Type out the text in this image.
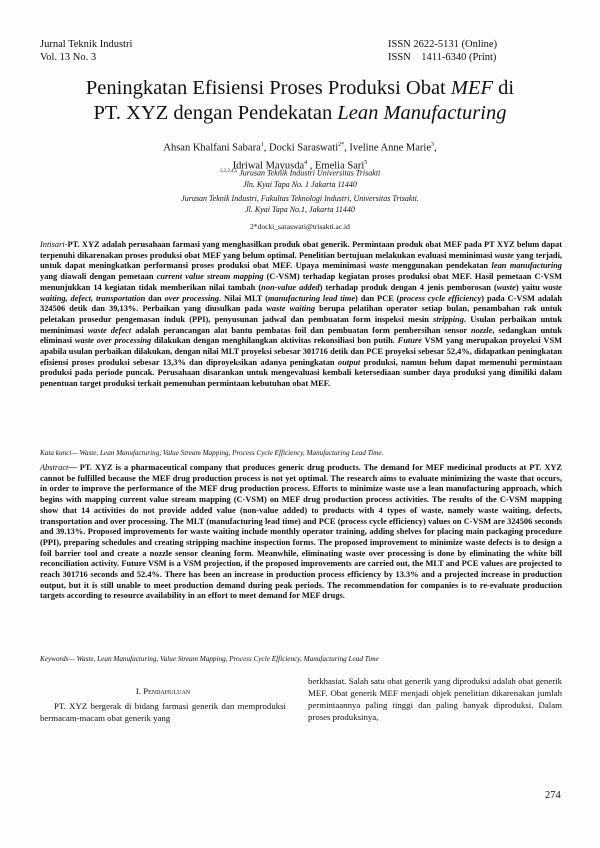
Jurnal Teknik Industri
Vol. 13 No. 3
ISSN 2622-5131 (Online)
ISSN    1411-6340 (Print)
Peningkatan Efisiensi Proses Produksi Obat MEF di
PT. XYZ dengan Pendekatan Lean Manufacturing
Ahsan Khalfani Sabara$^1$, Docki Saraswati$^{2*}$, Iveline Anne Marie$^3$,
Idriwal Mayusda$^4$ , Emelia Sari$^5$
$^{1,2,3,4,5}$ Jurusan Teknik Industri Universitas Trisakti
Jln. Kyai Tapa No. 1 Jakarta 11440
Jurusan Teknik Industri, Fakultas Teknologi Industri, Universitas Trisakti.
Jl. Kyai Tapa No.1, Jakarta 11440
2*docki_saraswati@trisakti.ac.id
Intisari-PT. XYZ adalah perusahaan farmasi yang menghasilkan produk obat generik. Permintaan produk obat MEF pada PT XYZ belum dapat terpenuhi dikarenakan proses produksi obat MEF yang belum optimal. Penelitian bertujuan melakukan evaluasi meminimasi waste yang terjadi, untuk dapat meningkatkan performansi proses produksi obat MEF. Upaya meminimasi waste menggunakan pendekatan lean manufacturing yang diawali dengan pemetaan current value stream mapping (C-VSM) terhadap kegiatan proses produksi obat MEF. Hasil pemetaan C-VSM menunjukkan 14 kegiatan tidak memberikan nilai tambah (non-value added) terhadap produk dengan 4 jenis pemborosan (waste) yaitu waste waiting, defect, transportation dan over processing. Nilai MLT (manufacturing lead time) dan PCE (process cycle efficiency) pada C-VSM adalah 324506 detik dan 39,13%. Perbaikan yang diusulkan pada waste waiting berupa pelatihan operator setiap bulan, penambahan rak untuk peletakan prosedur pengemasan induk (PPI), penyusunan jadwal dan pembuatan form inspeksi mesin stripping. Usulan perbaikan untuk meminimasi waste defect adalah perancangan alat bantu pembatas foil dan pembuatan form pembersihan sensor nozzle, sedangkan untuk eliminasi waste over processing dilakukan dengan menghilangkan aktivitas rekonsiliasi bon putih. Future VSM yang merupakan proyeksi VSM apabila usulan perbaikan dilakukan, dengan nilai MLT proyeksi sebesar 301716 detik dan PCE proyeksi sebesar 52,4%, didapatkan peningkatan efisiensi proses produksi sebesar 13,3% dan diproyeksikan adanya peningkatan output produksi, namun belum dapat memenuhi permintaan produksi pada periode puncak. Perusahaan disarankan untuk mengevaluasi kembali ketersediaan sumber daya produksi yang dimiliki dalam penentuan target produksi terkait pemenuhan permintaan kebutuhan obat MEF.
Kata kunci— Waste, Lean Manufacturing, Value Stream Mapping, Process Cycle Efficiency, Manufacturing Lead Time.
Abstract— PT. XYZ is a pharmaceutical company that produces generic drug products. The demand for MEF medicinal products at PT. XYZ cannot be fulfilled because the MEF drug production process is not yet optimal. The research aims to evaluate minimizing the waste that occurs, in order to improve the performance of the MEF drug production process. Efforts to minimize waste use a lean manufacturing approach, which begins with mapping current value stream mapping (C-VSM) on MEF drug production process activities. The results of the C-VSM mapping show that 14 activities do not provide added value (non-value added) to products with 4 types of waste, namely waste waiting, defects, transportation and over processing. The MLT (manufacturing lead time) and PCE (process cycle efficiency) values on C-VSM are 324506 seconds and 39.13%. Proposed improvements for waste waiting include monthly operator training, adding shelves for placing main packaging procedure (PPI), preparing schedules and creating stripping machine inspection forms. The proposed improvement to minimize waste defects is to design a foil barrier tool and create a nozzle sensor cleaning form. Meanwhile, eliminating waste over processing is done by eliminating the white bill reconciliation activity. Future VSM is a VSM projection, if the proposed improvements are carried out, the MLT and PCE values are projected to reach 301716 seconds and 52.4%. There has been an increase in production process efficiency by 13.3% and a projected increase in production output, but it is still unable to meet production demand during peak periods. The recommendation for companies is to re-evaluate production targets according to resource availability in an effort to meet demand for MEF drugs.
Keywords— Waste, Lean Manufacturing, Value Stream Mapping, Process Cycle Efficiency, Manufacturing Lead Time
I. Pendahuluan
PT. XYZ bergerak di bidang farmasi generik dan memproduksi bermacam-macam obat generik yang
berkhasiat. Salah satu obat generik yang diproduksi adalah obat generik MEF. Obat generik MEF menjadi objek penelitian dikarenakan jumlah permintaannya paling tinggi dan paling banyak diproduksi. Dalam proses produksinya,
274
